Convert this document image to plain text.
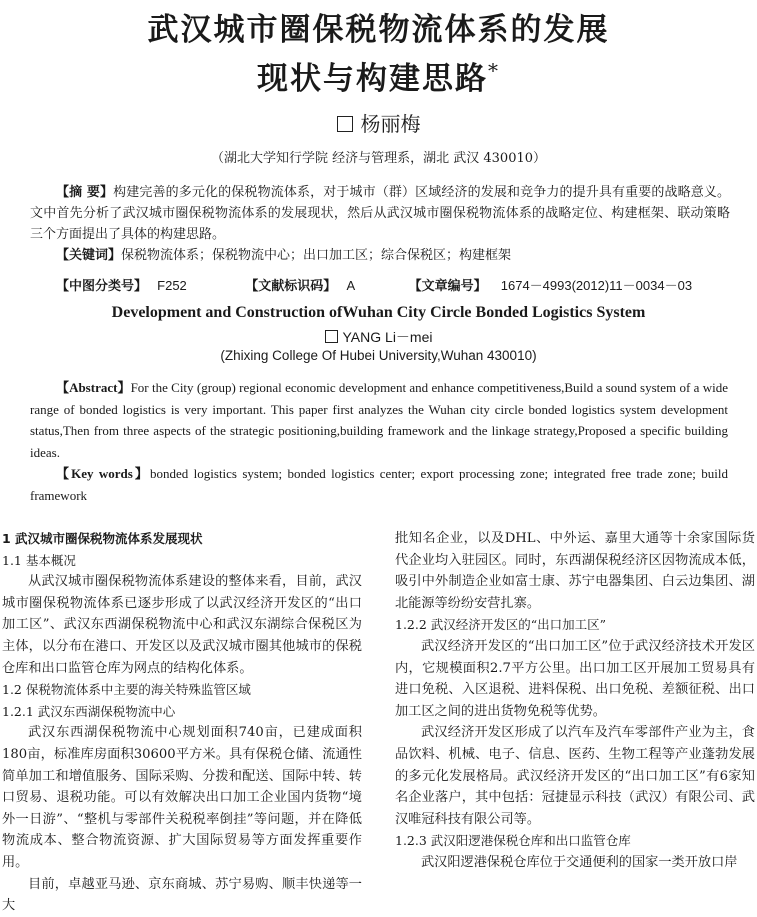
武汉城市圈保税物流体系的发展
现状与构建思路*
杨丽梅
（湖北大学知行学院 经济与管理系，湖北 武汉 430010）

【摘 要】构建完善的多元化的保税物流体系，对于城市（群）区域经济的发展和竞争力的提升具有重要的战略意义。文中首先分析了武汉城市圈保税物流体系的发展现状，然后从武汉城市圈保税物流体系的战略定位、构建框架、联动策略三个方面提出了具体的构建思路。

【关键词】保税物流体系；保税物流中心；出口加工区；综合保税区；构建框架

【中图分类号】 F252	【文献标识码】 A	【文章编号】 1674－4993(2012)11－0034－03
Development and Construction ofWuhan City Circle Bonded Logistics System
YANG Li－mei
(Zhixing College Of Hubei University,Wuhan 430010)

【Abstract】For the City (group) regional economic development and enhance competitiveness,Build a sound system of a wide range of bonded logistics is very important. This paper first analyzes the Wuhan city circle bonded logistics system development status,Then from three aspects of the strategic positioning,building framework and the linkage strategy,Proposed a specific building ideas.

【Key words】bonded logistics system; bonded logistics center; export processing zone; integrated free trade zone; build framework

1 武汉城市圈保税物流体系发展现状

1.1 基本概况

从武汉城市圈保税物流体系建设的整体来看，目前，武汉城市圈保税物流体系已逐步形成了以武汉经济开发区的“出口加工区”、武汉东西湖保税物流中心和武汉东湖综合保税区为主体，以分布在港口、开发区以及武汉城市圈其他城市的保税仓库和出口监管仓库为网点的结构化体系。

1.2 保税物流体系中主要的海关特殊监管区域

1.2.1 武汉东西湖保税物流中心

武汉东西湖保税物流中心规划面积740亩，已建成面积180亩，标准库房面积30600平方米。具有保税仓储、流通性简单加工和增值服务、国际采购、分拨和配送、国际中转、转口贸易、退税功能。可以有效解决出口加工企业国内货物“境外一日游”、“整机与零部件关税税率倒挂”等问题，并在降低物流成本、整合物流资源、扩大国际贸易等方面发挥重要作用。

目前，卓越亚马逊、京东商城、苏宁易购、顺丰快递等一大

批知名企业，以及DHL、中外运、嘉里大通等十余家国际货代企业均入驻园区。同时，东西湖保税经济区因物流成本低，吸引中外制造企业如富士康、苏宁电器集团、白云边集团、湖北能源等纷纷安营扎寨。

1.2.2 武汉经济开发区的“出口加工区”

武汉经济开发区的“出口加工区”位于武汉经济技术开发区内，它规模面积2.7平方公里。出口加工区开展加工贸易具有进口免税、入区退税、进料保税、出口免税、差额征税、出口加工区之间的进出货物免税等优势。

武汉经济开发区形成了以汽车及汽车零部件产业为主，食品饮料、机械、电子、信息、医药、生物工程等产业蓬勃发展的多元化发展格局。武汉经济开发区的“出口加工区”有6家知名企业落户，其中包括：冠捷显示科技（武汉）有限公司、武汉唯冠科技有限公司等。

1.2.3 武汉阳逻港保税仓库和出口监管仓库

武汉阳逻港保税仓库位于交通便利的国家一类开放口岸
